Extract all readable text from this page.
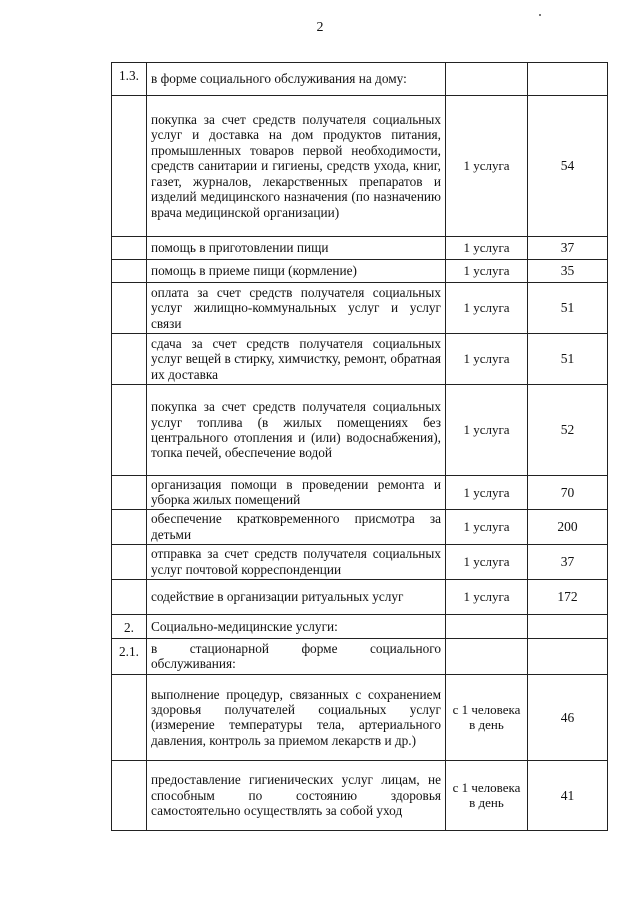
2
1.3.	в форме социального обслуживания на дому:		
	покупка за счет средств получателя социальных услуг и доставка на дом продуктов питания, промышленных товаров первой необходимости, средств санитарии и гигиены, средств ухода, книг, газет, журналов, лекарственных препаратов и изделий медицинского назначения (по назначению врача медицинской организации)	1 услуга	54
	помощь в приготовлении пищи	1 услуга	37
	помощь в приеме пищи (кормление)	1 услуга	35
	оплата за счет средств получателя социальных услуг жилищно-коммунальных услуг и услуг связи	1 услуга	51
	сдача за счет средств получателя социальных услуг вещей в стирку, химчистку, ремонт, обратная их доставка	1 услуга	51
	покупка за счет средств получателя социальных услуг топлива (в жилых помещениях без центрального отопления и (или) водоснабжения), топка печей, обеспечение водой	1 услуга	52
	организация помощи в проведении ремонта и уборка жилых помещений	1 услуга	70
	обеспечение кратковременного присмотра за детьми	1 услуга	200
	отправка за счет средств получателя социальных услуг почтовой корреспонденции	1 услуга	37
	содействие в организации ритуальных услуг	1 услуга	172
2.	Социально-медицинские услуги:		
2.1.	в стационарной форме социального обслуживания:		
	выполнение процедур, связанных с сохранением здоровья получателей социальных услуг (измерение температуры тела, артериального давления, контроль за приемом лекарств и др.)	с 1 человека в день	46
	предоставление гигиенических услуг лицам, не способным по состоянию здоровья самостоятельно осуществлять за собой уход	с 1 человека в день	41
